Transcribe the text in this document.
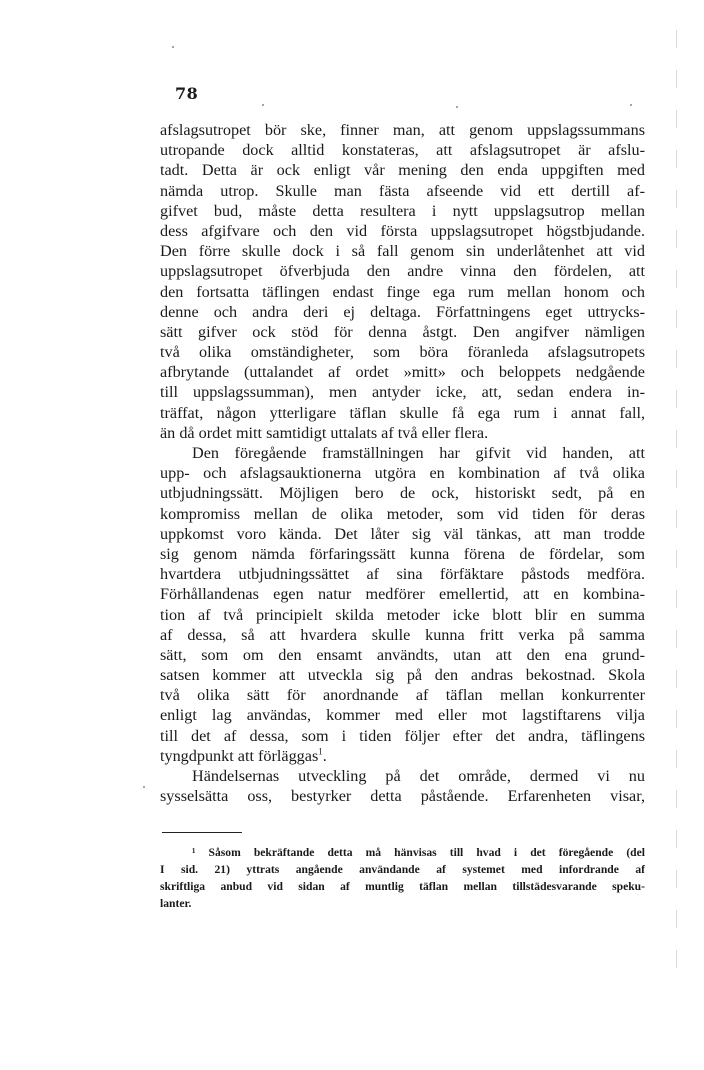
78
afslagsutropet bör ske, finner man, att genom uppslagssummans
utropande dock alltid konstateras, att afslagsutropet är afslu-
tadt. Detta är ock enligt vår mening den enda uppgiften med
nämda utrop. Skulle man fästa afseende vid ett dertill af-
gifvet bud, måste detta resultera i nytt uppslagsutrop mellan
dess afgifvare och den vid första uppslagsutropet högstbjudande.
Den förre skulle dock i så fall genom sin underlåtenhet att vid
uppslagsutropet öfverbjuda den andre vinna den fördelen, att
den fortsatta täflingen endast finge ega rum mellan honom och
denne och andra deri ej deltaga. Författningens eget uttrycks-
sätt gifver ock stöd för denna åstgt. Den angifver nämligen
två olika omständigheter, som böra föranleda afslagsutropets
afbrytande (uttalandet af ordet »mitt» och beloppets nedgående
till uppslagssumman), men antyder icke, att, sedan endera in-
träffat, någon ytterligare täflan skulle få ega rum i annat fall,
än då ordet mitt samtidigt uttalats af två eller flera.
Den föregående framställningen har gifvit vid handen, att
upp- och afslagsauktionerna utgöra en kombination af två olika
utbjudningssätt. Möjligen bero de ock, historiskt sedt, på en
kompromiss mellan de olika metoder, som vid tiden för deras
uppkomst voro kända. Det låter sig väl tänkas, att man trodde
sig genom nämda förfaringssätt kunna förena de fördelar, som
hvartdera utbjudningssättet af sina förfäktare påstods medföra.
Förhållandenas egen natur medförer emellertid, att en kombina-
tion af två principielt skilda metoder icke blott blir en summa
af dessa, så att hvardera skulle kunna fritt verka på samma
sätt, som om den ensamt användts, utan att den ena grund-
satsen kommer att utveckla sig på den andras bekostnad. Skola
två olika sätt för anordnande af täflan mellan konkurrenter
enligt lag användas, kommer med eller mot lagstiftarens vilja
till det af dessa, som i tiden följer efter det andra, täflingens
tyngdpunkt att förläggas$^1$.
Händelsernas utveckling på det område, dermed vi nu
sysselsätta oss, bestyrker detta påstående. Erfarenheten visar,
¹ Såsom bekräftande detta må hänvisas till hvad i det föregående (del
I sid. 21) yttrats angående användande af systemet med infordrande af
skriftliga anbud vid sidan af muntlig täflan mellan tillstädesvarande speku-
lanter.
